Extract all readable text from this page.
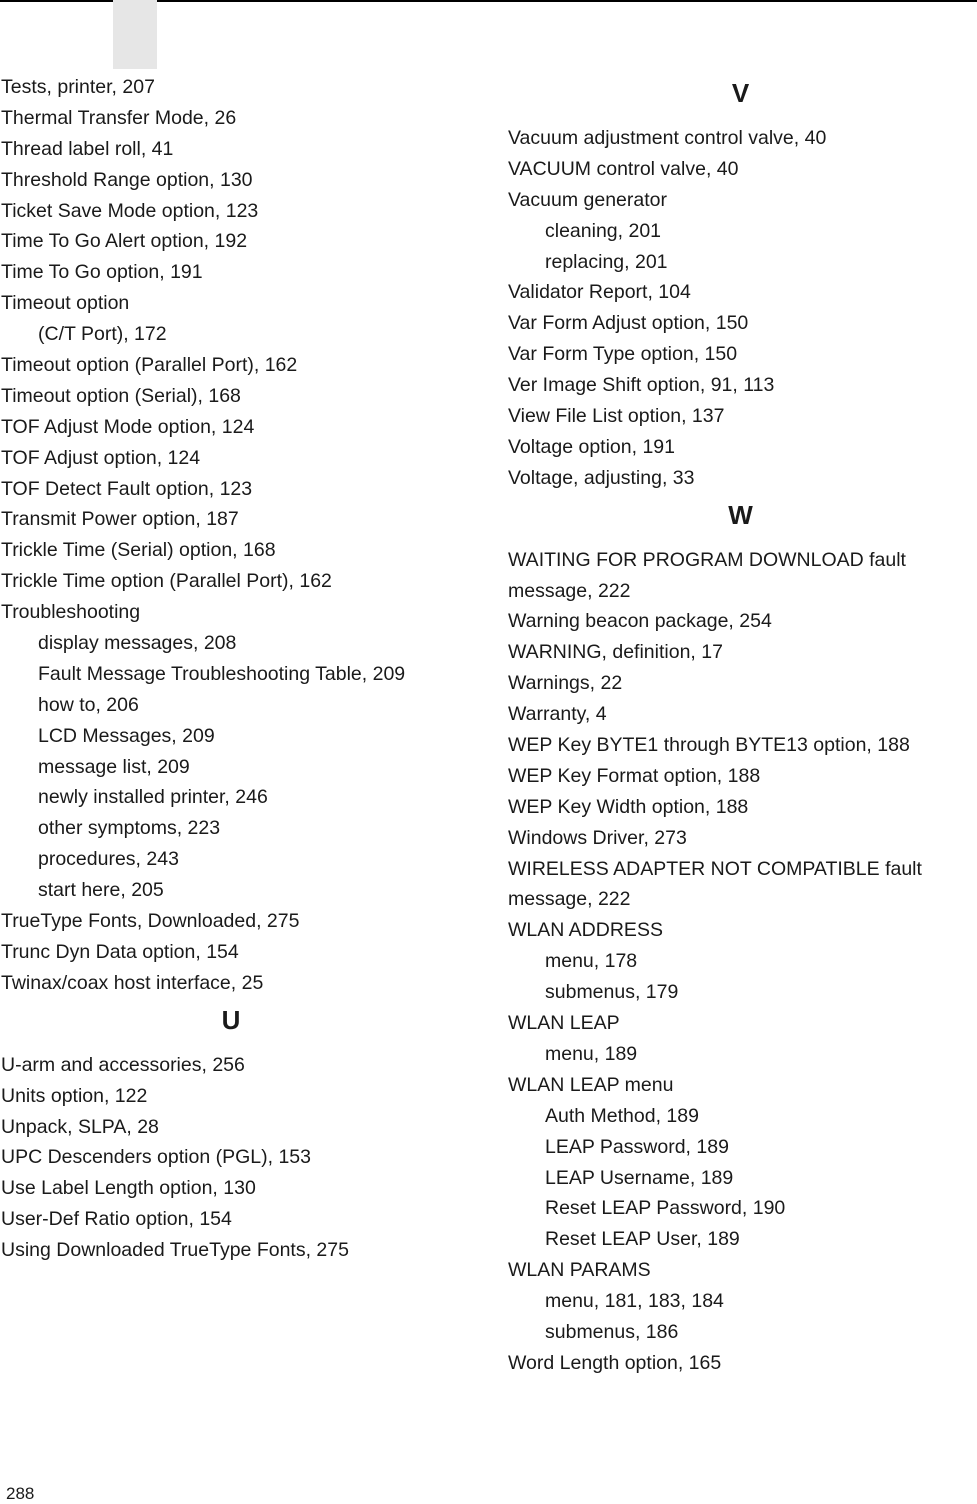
Tests, printer, 207
Thermal Transfer Mode, 26
Thread label roll, 41
Threshold Range option, 130
Ticket Save Mode option, 123
Time To Go Alert option, 192
Time To Go option, 191
Timeout option
(C/T Port), 172
Timeout option (Parallel Port), 162
Timeout option (Serial), 168
TOF Adjust Mode option, 124
TOF Adjust option, 124
TOF Detect Fault option, 123
Transmit Power option, 187
Trickle Time (Serial) option, 168
Trickle Time option (Parallel Port), 162
Troubleshooting
display messages, 208
Fault Message Troubleshooting Table, 209
how to, 206
LCD Messages, 209
message list, 209
newly installed printer, 246
other symptoms, 223
procedures, 243
start here, 205
TrueType Fonts, Downloaded, 275
Trunc Dyn Data option, 154
Twinax/coax host interface, 25
U
U-arm and accessories, 256
Units option, 122
Unpack, SLPA, 28
UPC Descenders option (PGL), 153
Use Label Length option, 130
User-Def Ratio option, 154
Using Downloaded TrueType Fonts, 275
V
Vacuum adjustment control valve, 40
VACUUM control valve, 40
Vacuum generator
cleaning, 201
replacing, 201
Validator Report, 104
Var Form Adjust option, 150
Var Form Type option, 150
Ver Image Shift option, 91, 113
View File List option, 137
Voltage option, 191
Voltage, adjusting, 33
W
WAITING FOR PROGRAM DOWNLOAD fault
message, 222
Warning beacon package, 254
WARNING, definition, 17
Warnings, 22
Warranty, 4
WEP Key BYTE1 through BYTE13 option, 188
WEP Key Format option, 188
WEP Key Width option, 188
Windows Driver, 273
WIRELESS ADAPTER NOT COMPATIBLE fault
message, 222
WLAN ADDRESS
menu, 178
submenus, 179
WLAN LEAP
menu, 189
WLAN LEAP menu
Auth Method, 189
LEAP Password, 189
LEAP Username, 189
Reset LEAP Password, 190
Reset LEAP User, 189
WLAN PARAMS
menu, 181, 183, 184
submenus, 186
Word Length option, 165
288
